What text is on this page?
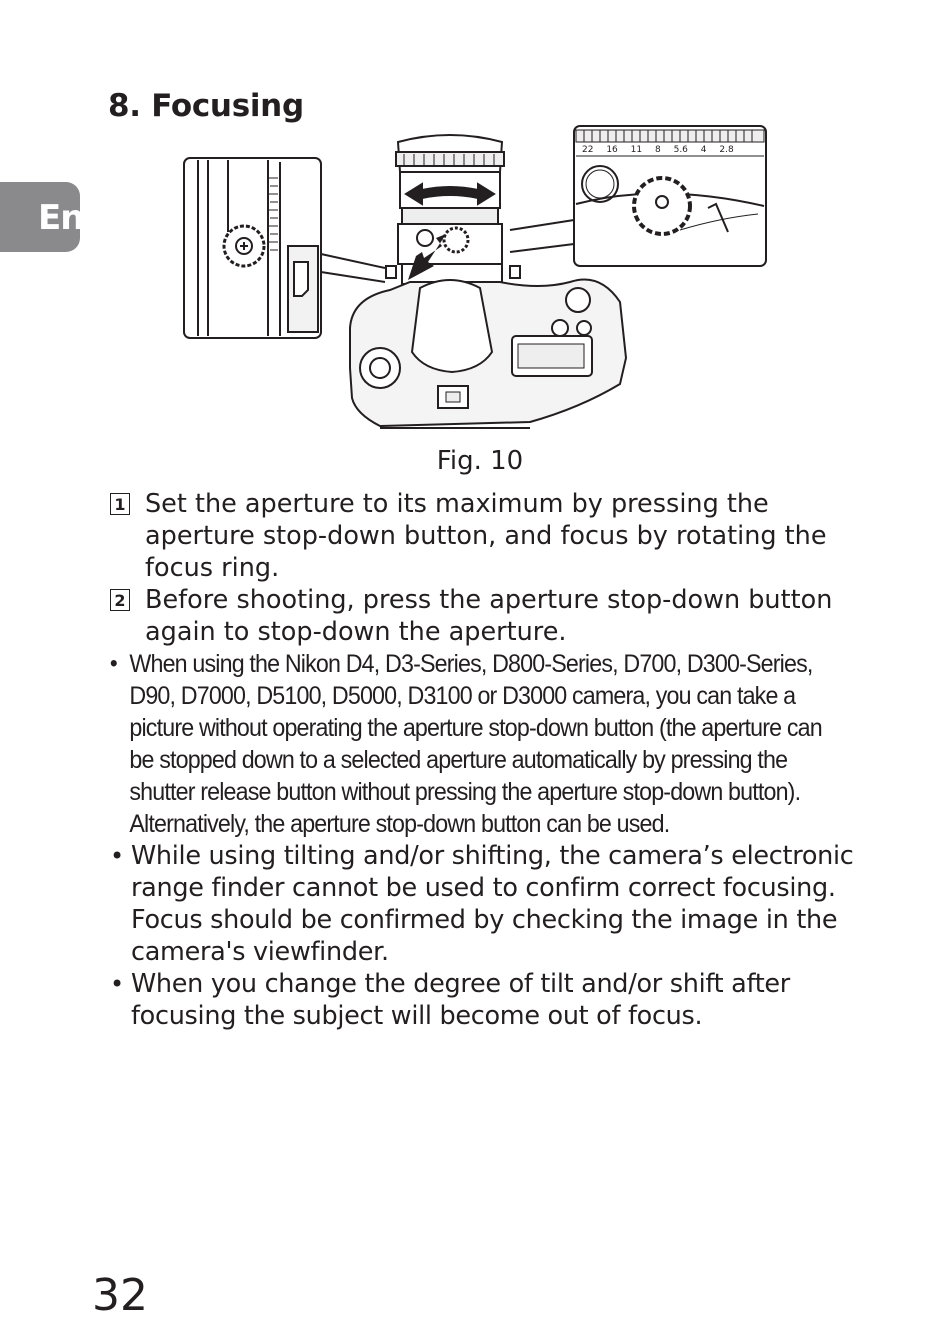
En
8. Focusing
22 16 11 8 5.6 4 2.8
Fig. 10
1 Set the aperture to its maximum by pressing the aperture stop-down button, and focus by rotating the focus ring.
2 Before shooting, press the aperture stop-down button again to stop-down the aperture.
• When using the Nikon D4, D3-Series, D800-Series, D700, D300-Series, D90, D7000, D5100, D5000, D3100 or D3000 camera, you can take a picture without operating the aperture stop-down button (the aperture can be stopped down to a selected aperture automatically by pressing the shutter release button without pressing the aperture stop-down button). Alternatively, the aperture stop-down button can be used.
• While using tilting and/or shifting, the camera’s electronic range finder cannot be used to confirm correct focusing. Focus should be confirmed by checking the image in the camera's viewfinder.
• When you change the degree of tilt and/or shift after focusing the subject will become out of focus.
32
